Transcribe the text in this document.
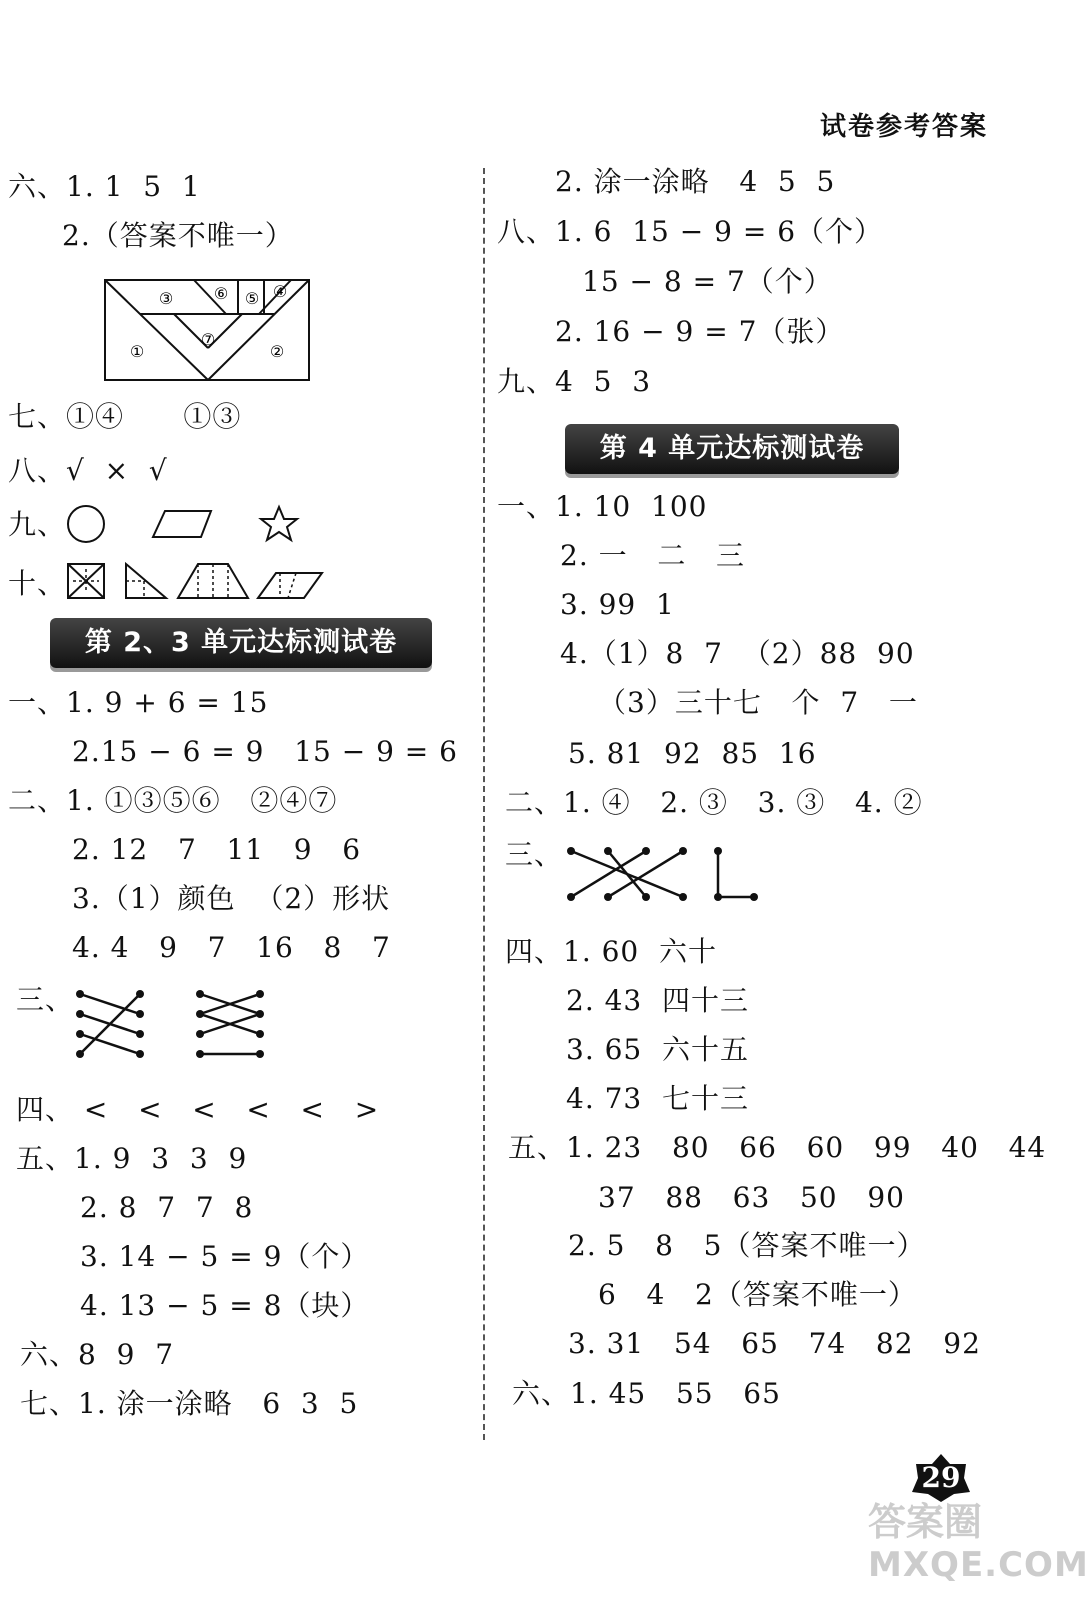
试卷参考答案
六、1. 1  5  1
2.（答案不唯一）
③	⑥ ⑤ ④
①
⑦
②
七、①④      ①③
八、√  ×  √
九、
十、
第 2、3 单元达标测试卷
一、1. 9 + 6 = 15
2.15 − 6 = 9   15 − 9 = 6
二、1. ①③⑤⑥   ②④⑦
2. 12   7   11   9   6
3.（1）颜色  （2）形状
4. 4   9   7   16   8   7
三、
四、 <   <   <   <   <   >
五、1. 9  3  3  9
2. 8  7  7  8
3. 14 − 5 = 9（个）
4. 13 − 5 = 8（块）
六、8  9  7
七、1. 涂一涂略   6  3  5
2. 涂一涂略   4  5  5
八、1. 6  15 − 9 = 6（个）
15 − 8 = 7（个）
2. 16 − 9 = 7（张）
九、4  5  3
第 4 单元达标测试卷
一、1. 10  100
2. 一   二   三
3. 99  1
4.（1）8  7  （2）88  90
（3）三十七   个  7   一
5. 81  92  85  16
二、1. ④   2. ③   3. ③   4. ②
三、
四、1. 60  六十
2. 43  四十三
3. 65  六十五
4. 73  七十三
五、1. 23   80   66   60   99   40   44
37   88   63   50   90
2. 5   8   5（答案不唯一）
6   4   2（答案不唯一）
3. 31   54   65   74   82   92
六、1. 45   55   65
29
答案圈
MXQE.COM
